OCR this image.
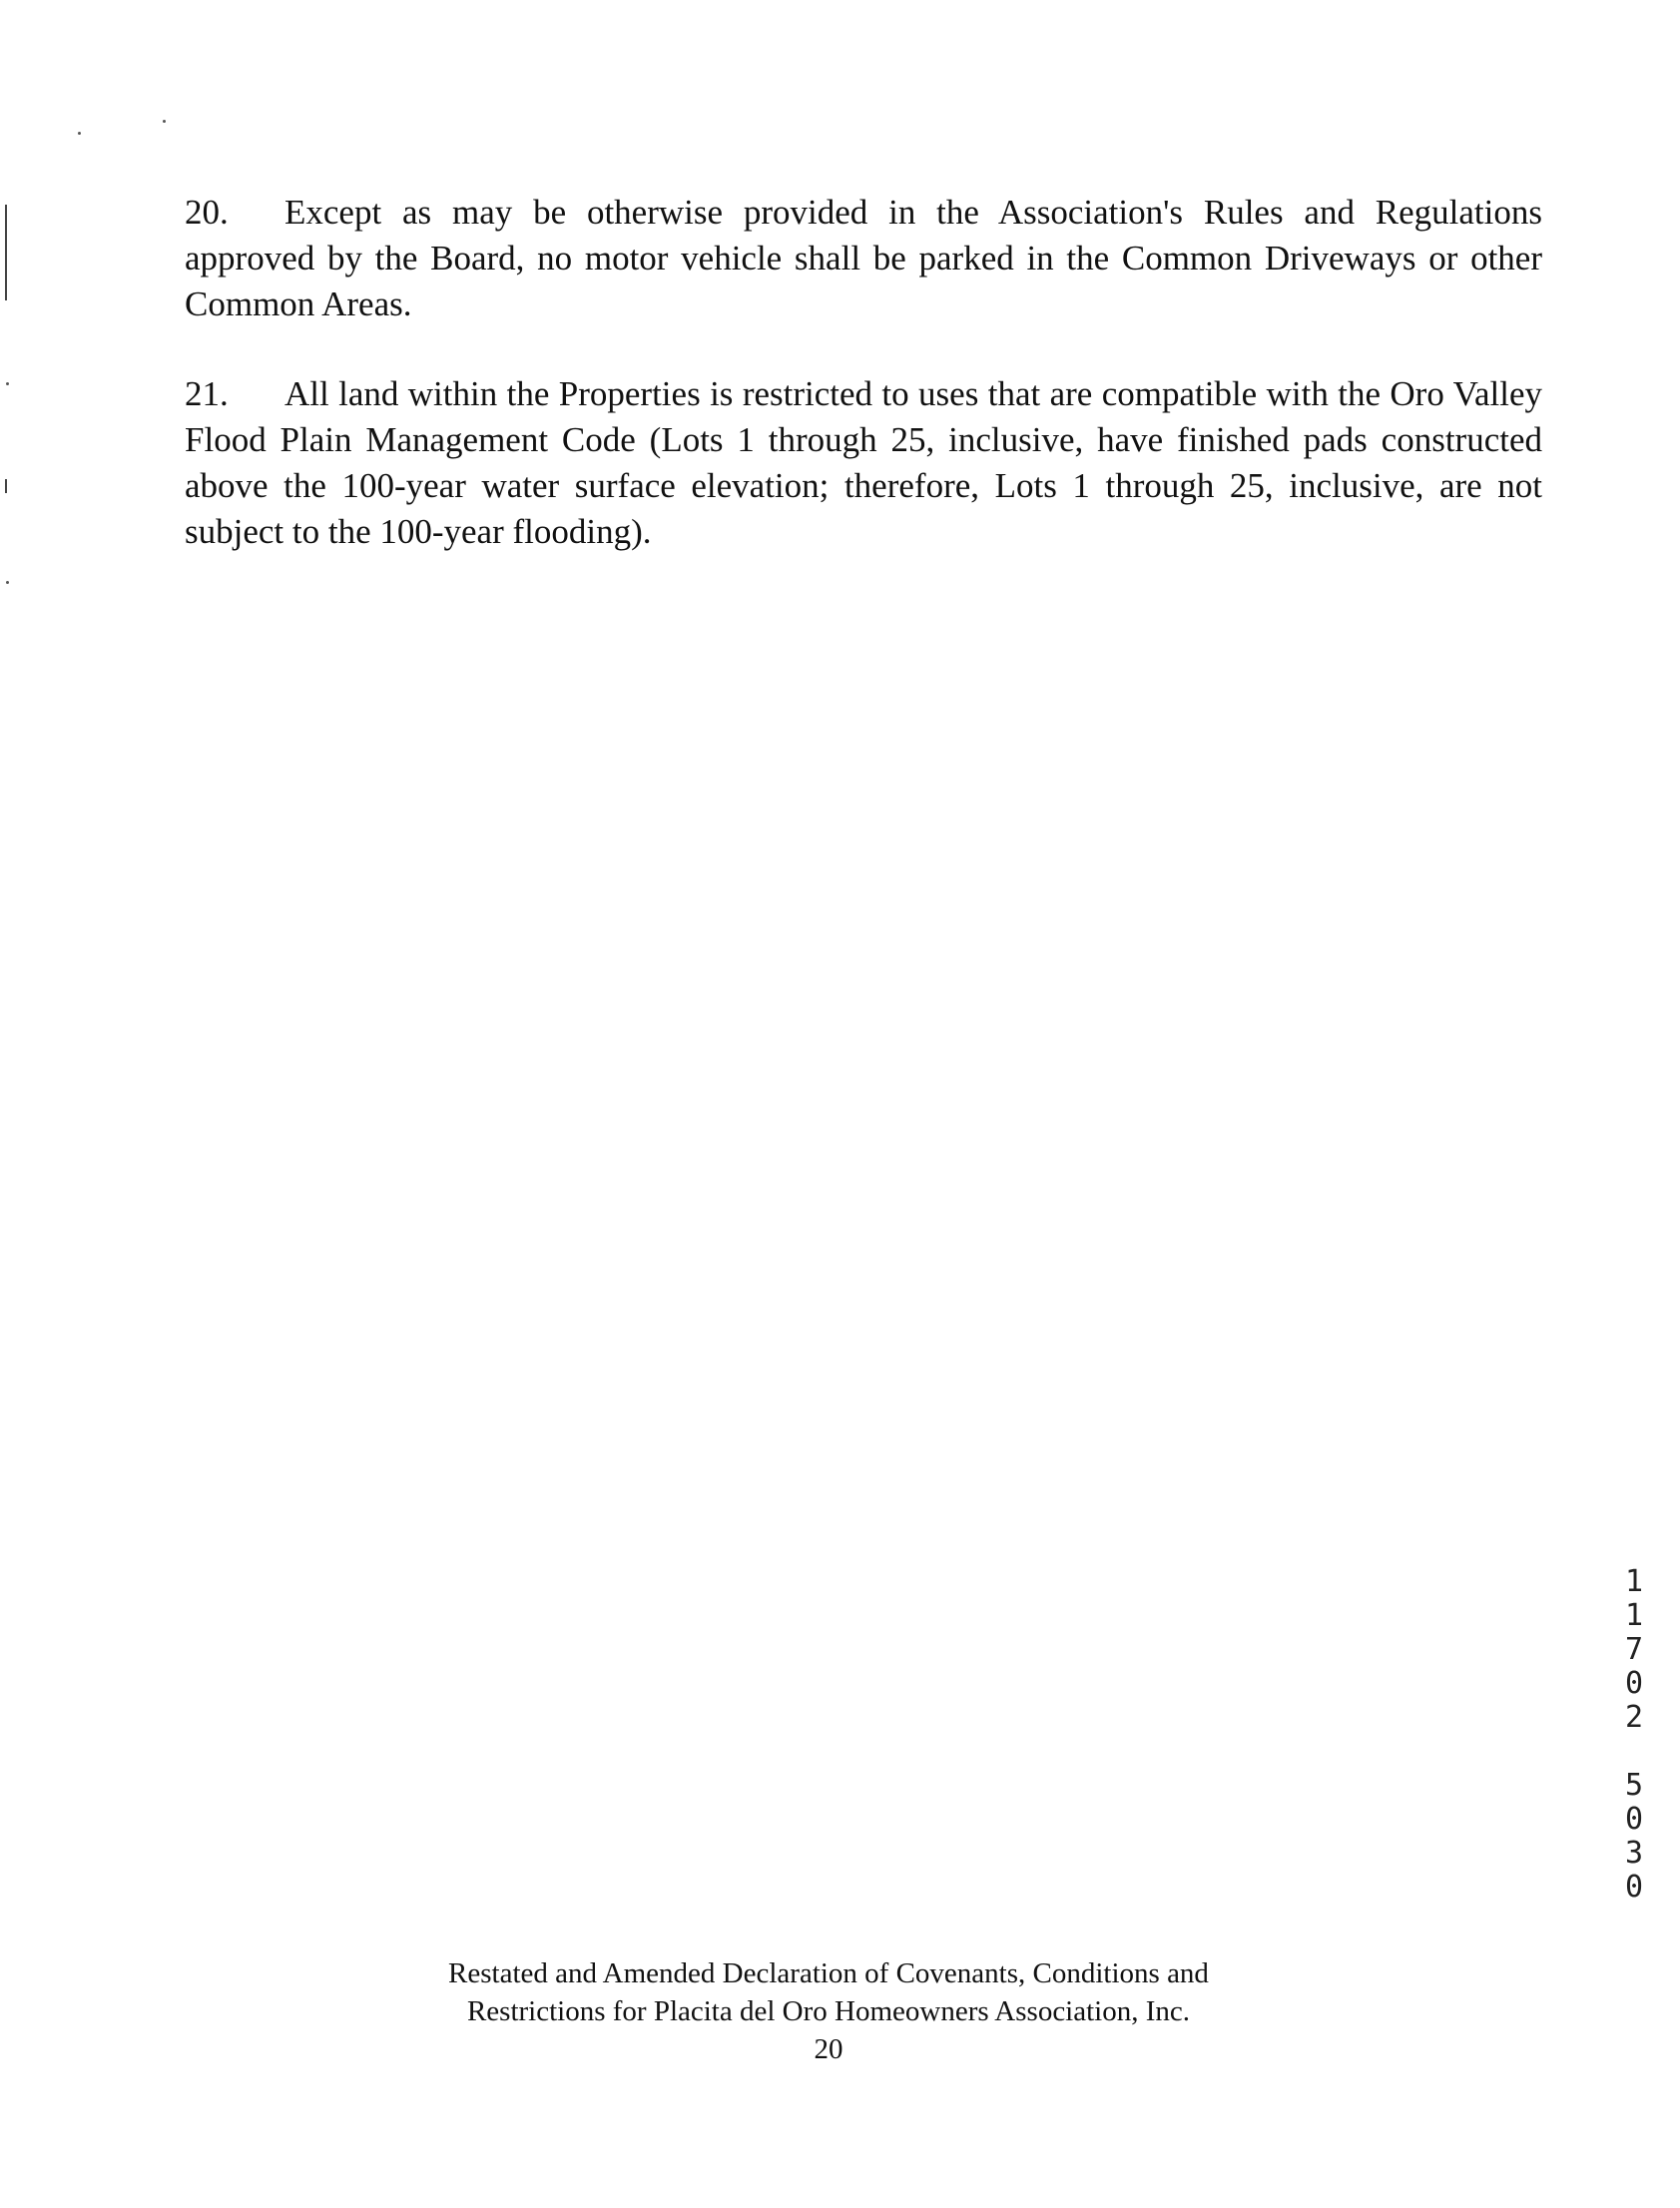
20. Except as may be otherwise provided in the Association's Rules and Regulations approved by the Board, no motor vehicle shall be parked in the Common Driveways or other Common Areas.

21. All land within the Properties is restricted to uses that are compatible with the Oro Valley Flood Plain Management Code (Lots 1 through 25, inclusive, have finished pads constructed above the 100-year water surface elevation; therefore, Lots 1 through 25, inclusive, are not subject to the 100-year flooding).

1
1
7
0
2
5
0
3
0
Restated and Amended Declaration of Covenants, Conditions and
Restrictions for Placita del Oro Homeowners Association, Inc.
20
